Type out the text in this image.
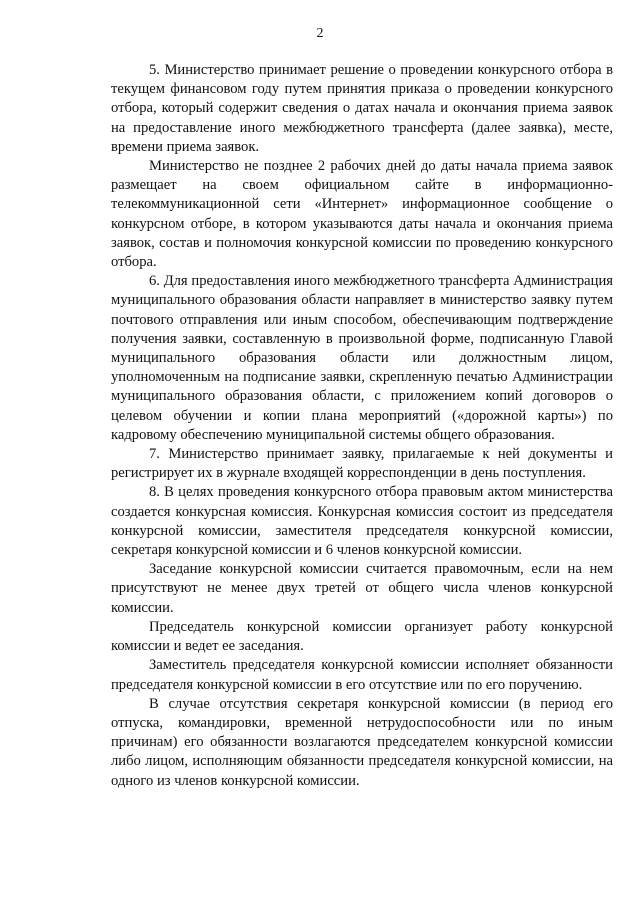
2

5. Министерство принимает решение о проведении конкурсного отбора в текущем финансовом году путем принятия приказа о проведении конкурсного отбора, который содержит сведения о датах начала и окончания приема заявок на предоставление иного межбюджетного трансферта (далее заявка), месте, времени приема заявок.

Министерство не позднее 2 рабочих дней до даты начала приема заявок размещает на своем официальном сайте в информационно-телекоммуникационной сети «Интернет» информационное сообщение о конкурсном отборе, в котором указываются даты начала и окончания приема заявок, состав и полномочия конкурсной комиссии по проведению конкурсного отбора.

6. Для предоставления иного межбюджетного трансферта Администрация муниципального образования области направляет в министерство заявку путем почтового отправления или иным способом, обеспечивающим подтверждение получения заявки, составленную в произвольной форме, подписанную Главой муниципального образования области или должностным лицом, уполномоченным на подписание заявки, скрепленную печатью Администрации муниципального образования области, с приложением копий договоров о целевом обучении и копии плана мероприятий («дорожной карты») по кадровому обеспечению муниципальной системы общего образования.

7. Министерство принимает заявку, прилагаемые к ней документы и регистрирует их в журнале входящей корреспонденции в день поступления.

8. В целях проведения конкурсного отбора правовым актом министерства создается конкурсная комиссия. Конкурсная комиссия состоит из председателя конкурсной комиссии, заместителя председателя конкурсной комиссии, секретаря конкурсной комиссии и 6 членов конкурсной комиссии.

Заседание конкурсной комиссии считается правомочным, если на нем присутствуют не менее двух третей от общего числа членов конкурсной комиссии.

Председатель конкурсной комиссии организует работу конкурсной комиссии и ведет ее заседания.

Заместитель председателя конкурсной комиссии исполняет обязанности председателя конкурсной комиссии в его отсутствие или по его поручению.

В случае отсутствия секретаря конкурсной комиссии (в период его отпуска, командировки, временной нетрудоспособности или по иным причинам) его обязанности возлагаются председателем конкурсной комиссии либо лицом, исполняющим обязанности председателя конкурсной комиссии, на одного из членов конкурсной комиссии.
